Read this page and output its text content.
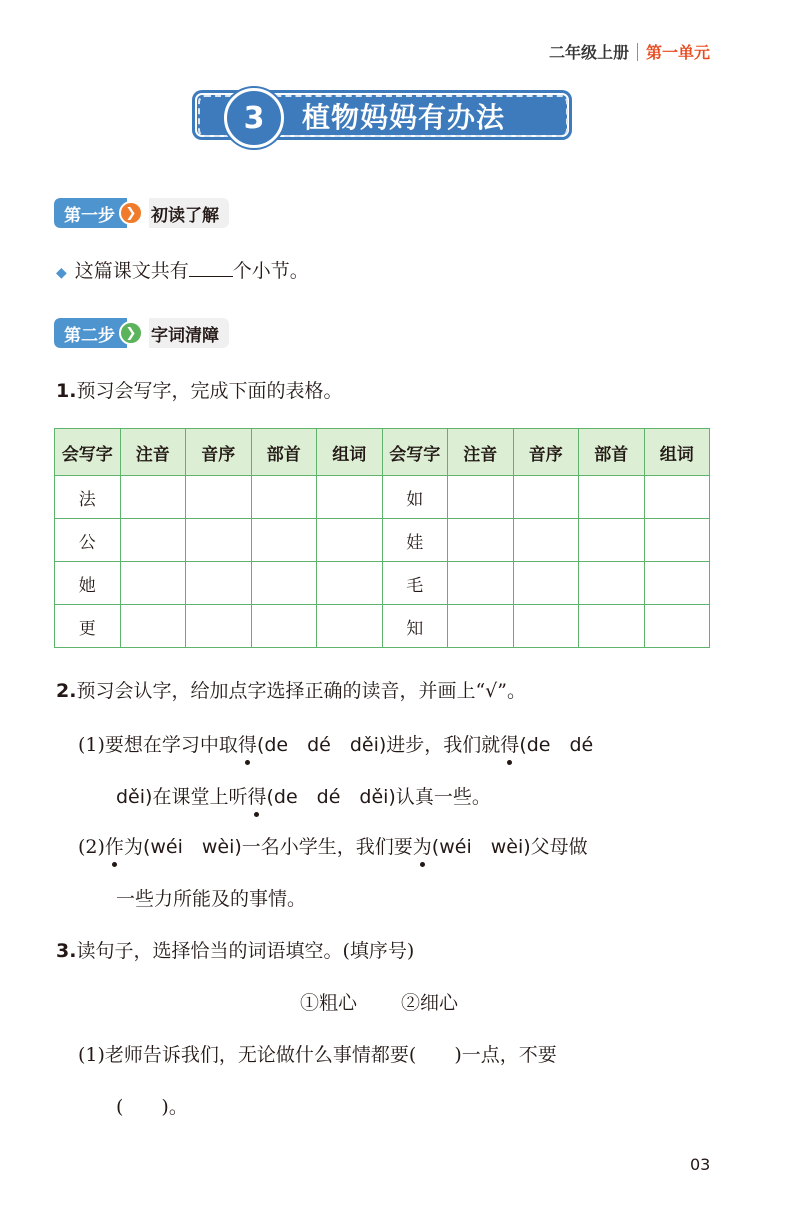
二年级上册 第一单元
3	植物妈妈有办法
第一步 ❯ 初读了解
◆ 这篇课文共有 个小节。
第二步 ❯ 字词清障
1.预习会写字，完成下面的表格。
会写字	注音	音序	部首	组词	会写字	注音	音序	部首	组词
法					如				
公					娃				
她					毛				
更					知				
2.预习会认字，给加点字选择正确的读音，并画上“√”。
(1)要想在学习中取得(de　dé　děi)进步，我们就得(de　dé
děi)在课堂上听得(de　dé　děi)认真一些。
(2)作为(wéi　wèi)一名小学生，我们要为(wéi　wèi)父母做
一些力所能及的事情。
3.读句子，选择恰当的词语填空。(填序号)
①粗心 ②细心
(1)老师告诉我们，无论做什么事情都要(　　)一点，不要
(　　)。
03
